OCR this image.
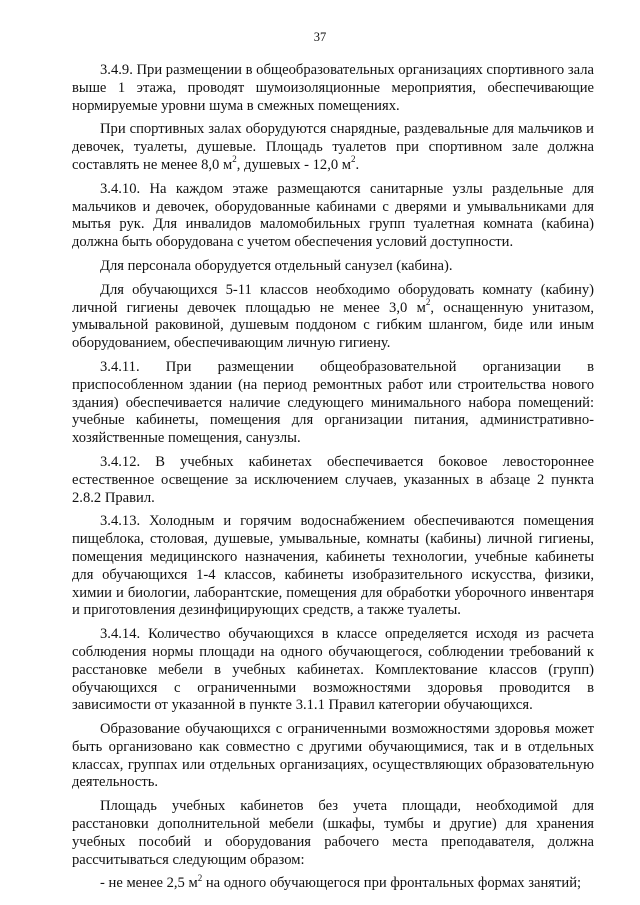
37

3.4.9. При размещении в общеобразовательных организациях спортивного зала выше 1 этажа, проводят шумоизоляционные мероприятия, обеспечивающие нормируемые уровни шума в смежных помещениях.

При спортивных залах оборудуются снарядные, раздевальные для мальчиков и девочек, туалеты, душевые. Площадь туалетов при спортивном зале должна составлять не менее 8,0 $м^2$, душевых - 12,0 $м^2$.

3.4.10. На каждом этаже размещаются санитарные узлы раздельные для мальчиков и девочек, оборудованные кабинами с дверями и умывальниками для мытья рук. Для инвалидов маломобильных групп туалетная комната (кабина) должна быть оборудована с учетом обеспечения условий доступности.

Для персонала оборудуется отдельный санузел (кабина).

Для обучающихся 5-11 классов необходимо оборудовать комнату (кабину) личной гигиены девочек площадью не менее 3,0 $м^2$, оснащенную унитазом, умывальной раковиной, душевым поддоном с гибким шлангом, биде или иным оборудованием, обеспечивающим личную гигиену.

3.4.11. При размещении общеобразовательной организации в приспособленном здании (на период ремонтных работ или строительства нового здания) обеспечивается наличие следующего минимального набора помещений: учебные кабинеты, помещения для организации питания, административно-хозяйственные помещения, санузлы.

3.4.12. В учебных кабинетах обеспечивается боковое левостороннее естественное освещение за исключением случаев, указанных в абзаце 2 пункта 2.8.2 Правил.

3.4.13. Холодным и горячим водоснабжением обеспечиваются помещения пищеблока, столовая, душевые, умывальные, комнаты (кабины) личной гигиены, помещения медицинского назначения, кабинеты технологии, учебные кабинеты для обучающихся 1-4 классов, кабинеты изобразительного искусства, физики, химии и биологии, лаборантские, помещения для обработки уборочного инвентаря и приготовления дезинфицирующих средств, а также туалеты.

3.4.14. Количество обучающихся в классе определяется исходя из расчета соблюдения нормы площади на одного обучающегося, соблюдении требований к расстановке мебели в учебных кабинетах. Комплектование классов (групп) обучающихся с ограниченными возможностями здоровья проводится в зависимости от указанной в пункте 3.1.1 Правил категории обучающихся.

Образование обучающихся с ограниченными возможностями здоровья может быть организовано как совместно с другими обучающимися, так и в отдельных классах, группах или отдельных организациях, осуществляющих образовательную деятельность.

Площадь учебных кабинетов без учета площади, необходимой для расстановки дополнительной мебели (шкафы, тумбы и другие) для хранения учебных пособий и оборудования рабочего места преподавателя, должна рассчитываться следующим образом:

- не менее 2,5 $м^2$ на одного обучающегося при фронтальных формах занятий;
